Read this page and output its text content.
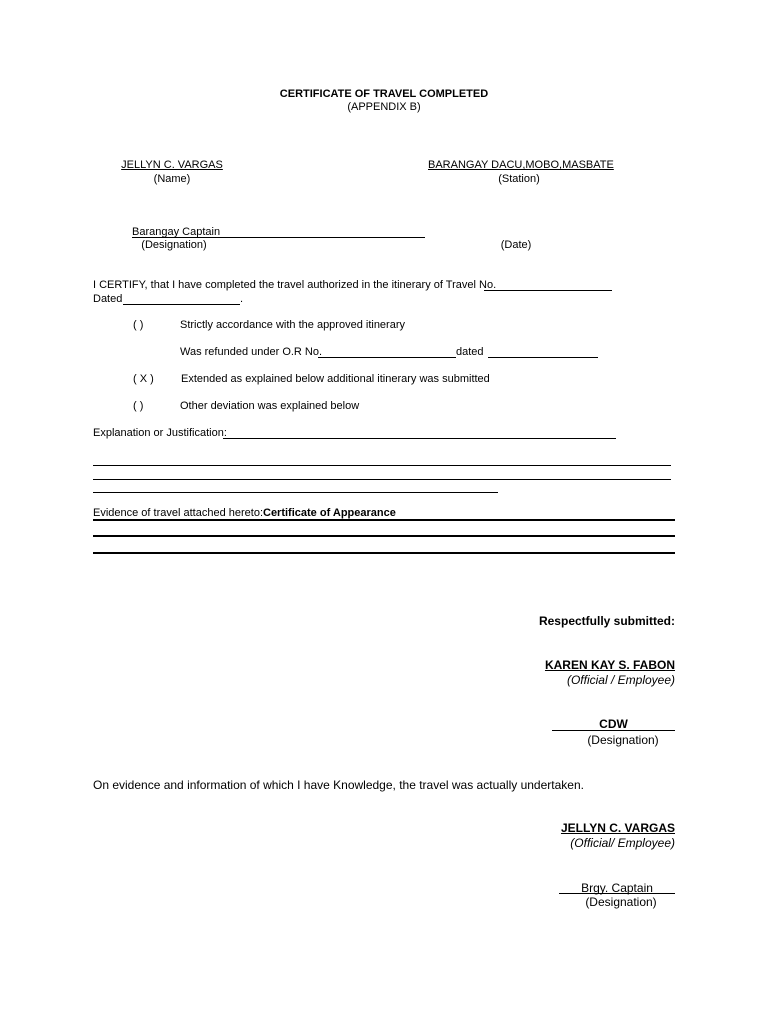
CERTIFICATE OF TRAVEL COMPLETED
(APPENDIX B)
JELLYN C. VARGAS
(Name)
BARANGAY DACU,MOBO,MASBATE
(Station)
Barangay Captain
(Designation)	(Date)
I CERTIFY, that I have completed the travel authorized in the itinerary of Travel No.
Dated	.
( )	Strictly accordance with the approved itinerary
Was refunded under O.R No.	dated
( X ) Extended as explained below additional itinerary was submitted
( )	Other deviation was explained below
Explanation or Justification:
Evidence of travel attached hereto:Certificate of Appearance
Respectfully submitted:
KAREN KAY S. FABON
(Official / Employee)
CDW
(Designation)
On evidence and information of which I have Knowledge, the travel was actually undertaken.
JELLYN C. VARGAS
(Official/ Employee)
Brgy. Captain
(Designation)
